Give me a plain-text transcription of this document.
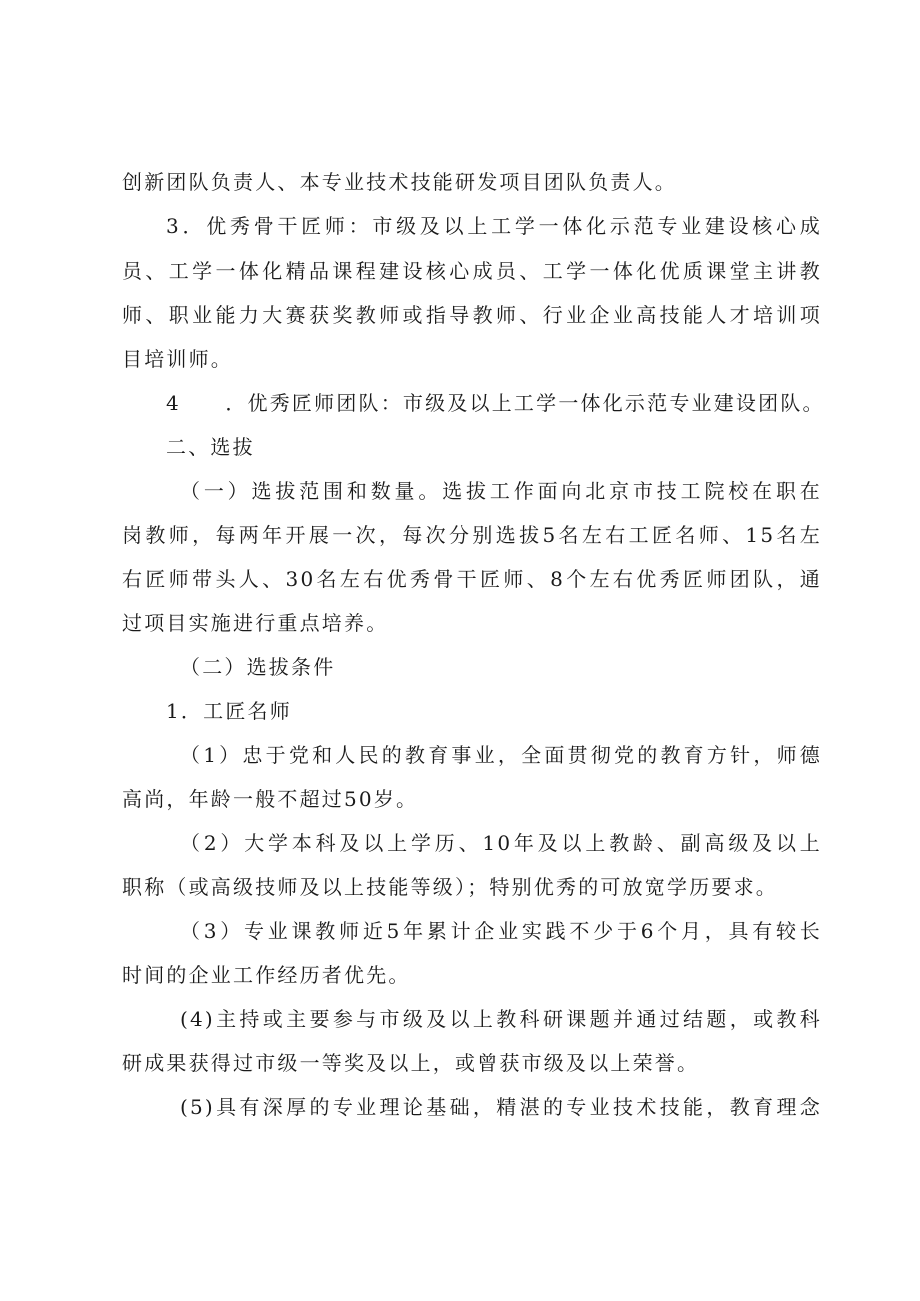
创新团队负责人、本专业技术技能研发项目团队负责人。
3．优秀骨干匠师：市级及以上工学一体化示范专业建设核心成
员、工学一体化精品课程建设核心成员、工学一体化优质课堂主讲教
师、职业能力大赛获奖教师或指导教师、行业企业高技能人才培训项
目培训师。
4　　．优秀匠师团队：市级及以上工学一体化示范专业建设团队。
二、选拔
（一）选拔范围和数量。选拔工作面向北京市技工院校在职在
岗教师，每两年开展一次，每次分别选拔5名左右工匠名师、15名左
右匠师带头人、30名左右优秀骨干匠师、8个左右优秀匠师团队，通
过项目实施进行重点培养。
（二）选拔条件
1．工匠名师
（1）忠于党和人民的教育事业，全面贯彻党的教育方针，师德
高尚，年龄一般不超过50岁。
（2）大学本科及以上学历、10年及以上教龄、副高级及以上
职称（或高级技师及以上技能等级）；特别优秀的可放宽学历要求。
（3）专业课教师近5年累计企业实践不少于6个月，具有较长
时间的企业工作经历者优先。
(4)主持或主要参与市级及以上教科研课题并通过结题，或教科
研成果获得过市级一等奖及以上，或曾获市级及以上荣誉。
(5)具有深厚的专业理论基础，精湛的专业技术技能，教育理念
